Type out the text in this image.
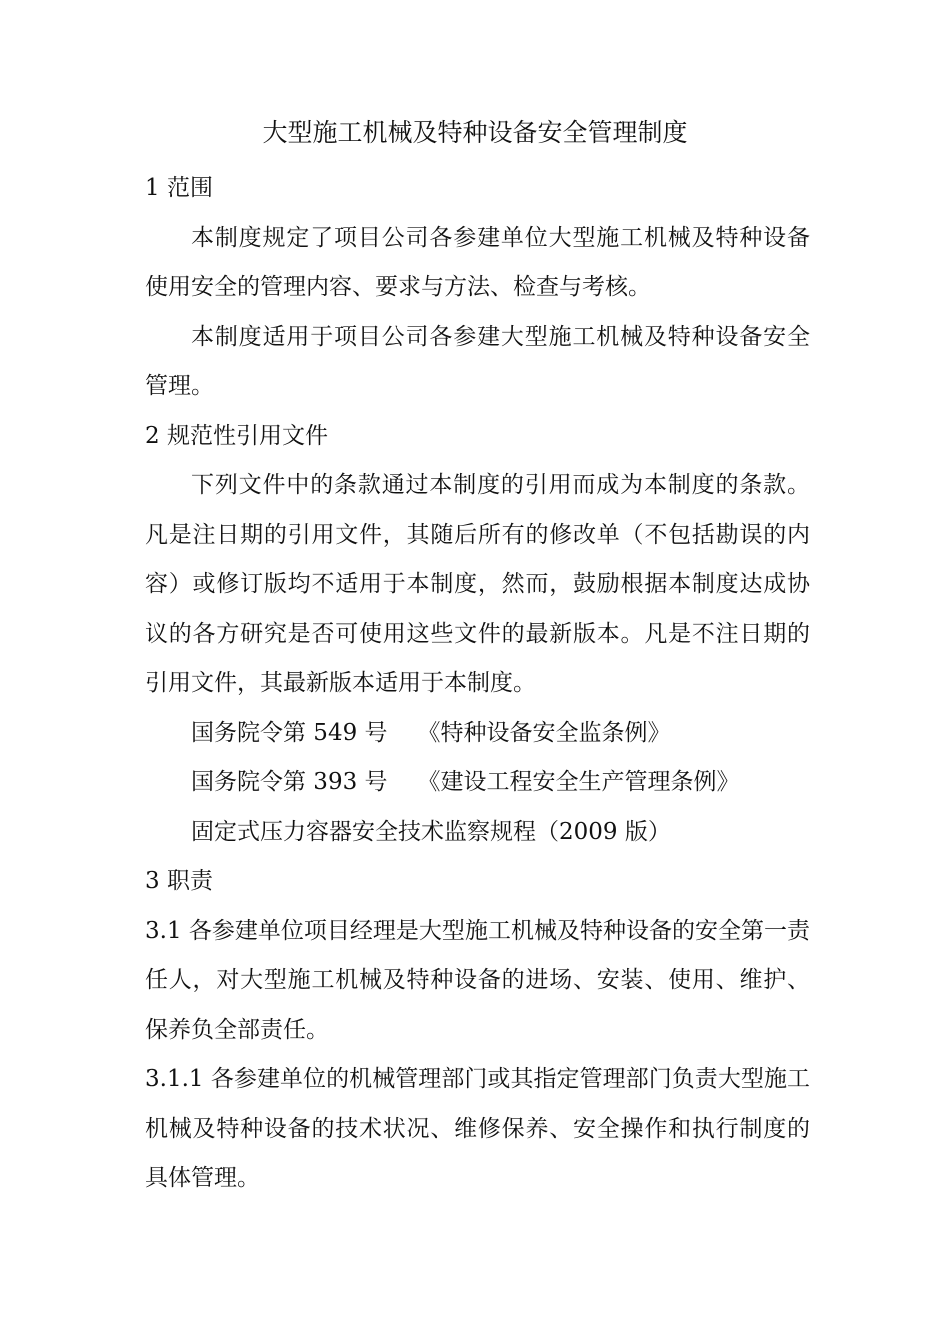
大型施工机械及特种设备安全管理制度

1 范围

本制度规定了项目公司各参建单位大型施工机械及特种设备使用安全的管理内容、要求与方法、检查与考核。

本制度适用于项目公司各参建大型施工机械及特种设备安全管理。

2 规范性引用文件

下列文件中的条款通过本制度的引用而成为本制度的条款。凡是注日期的引用文件，其随后所有的修改单（不包括勘误的内容）或修订版均不适用于本制度，然而，鼓励根据本制度达成协议的各方研究是否可使用这些文件的最新版本。凡是不注日期的引用文件，其最新版本适用于本制度。

国务院令第 549 号 《特种设备安全监条例》

国务院令第 393 号 《建设工程安全生产管理条例》

固定式压力容器安全技术监察规程（2009 版）

3 职责

3.1 各参建单位项目经理是大型施工机械及特种设备的安全第一责任人，对大型施工机械及特种设备的进场、安装、使用、维护、保养负全部责任。

3.1.1 各参建单位的机械管理部门或其指定管理部门负责大型施工机械及特种设备的技术状况、维修保养、安全操作和执行制度的具体管理。
